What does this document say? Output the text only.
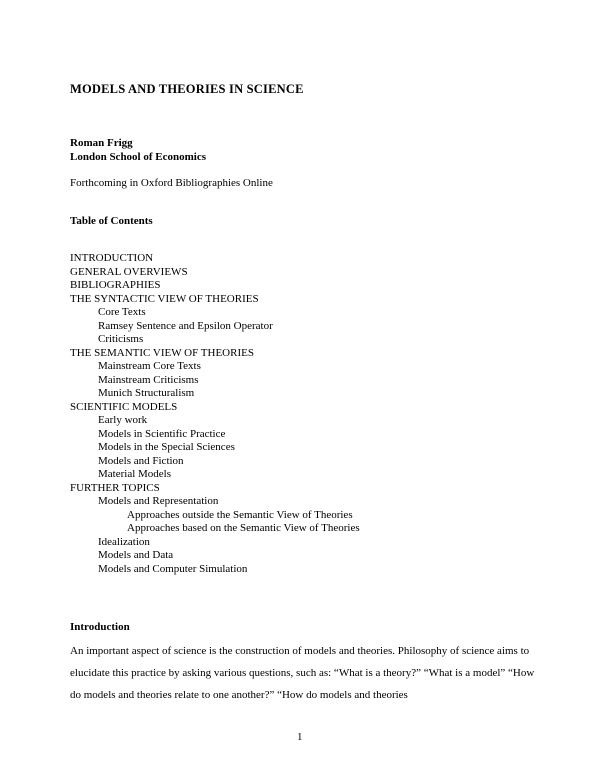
MODELS AND THEORIES IN SCIENCE
Roman Frigg
London School of Economics
Forthcoming in Oxford Bibliographies Online
Table of Contents
INTRODUCTION
GENERAL OVERVIEWS
BIBLIOGRAPHIES
THE SYNTACTIC VIEW OF THEORIES
Core Texts
Ramsey Sentence and Epsilon Operator
Criticisms
THE SEMANTIC VIEW OF THEORIES
Mainstream Core Texts
Mainstream Criticisms
Munich Structuralism
SCIENTIFIC MODELS
Early work
Models in Scientific Practice
Models in the Special Sciences
Models and Fiction
Material Models
FURTHER TOPICS
Models and Representation
Approaches outside the Semantic View of Theories
Approaches based on the Semantic View of Theories
Idealization
Models and Data
Models and Computer Simulation
Introduction

An important aspect of science is the construction of models and theories. Philosophy of science aims to elucidate this practice by asking various questions, such as: “What is a theory?” “What is a model” “How do models and theories relate to one another?” “How do models and theories

1
